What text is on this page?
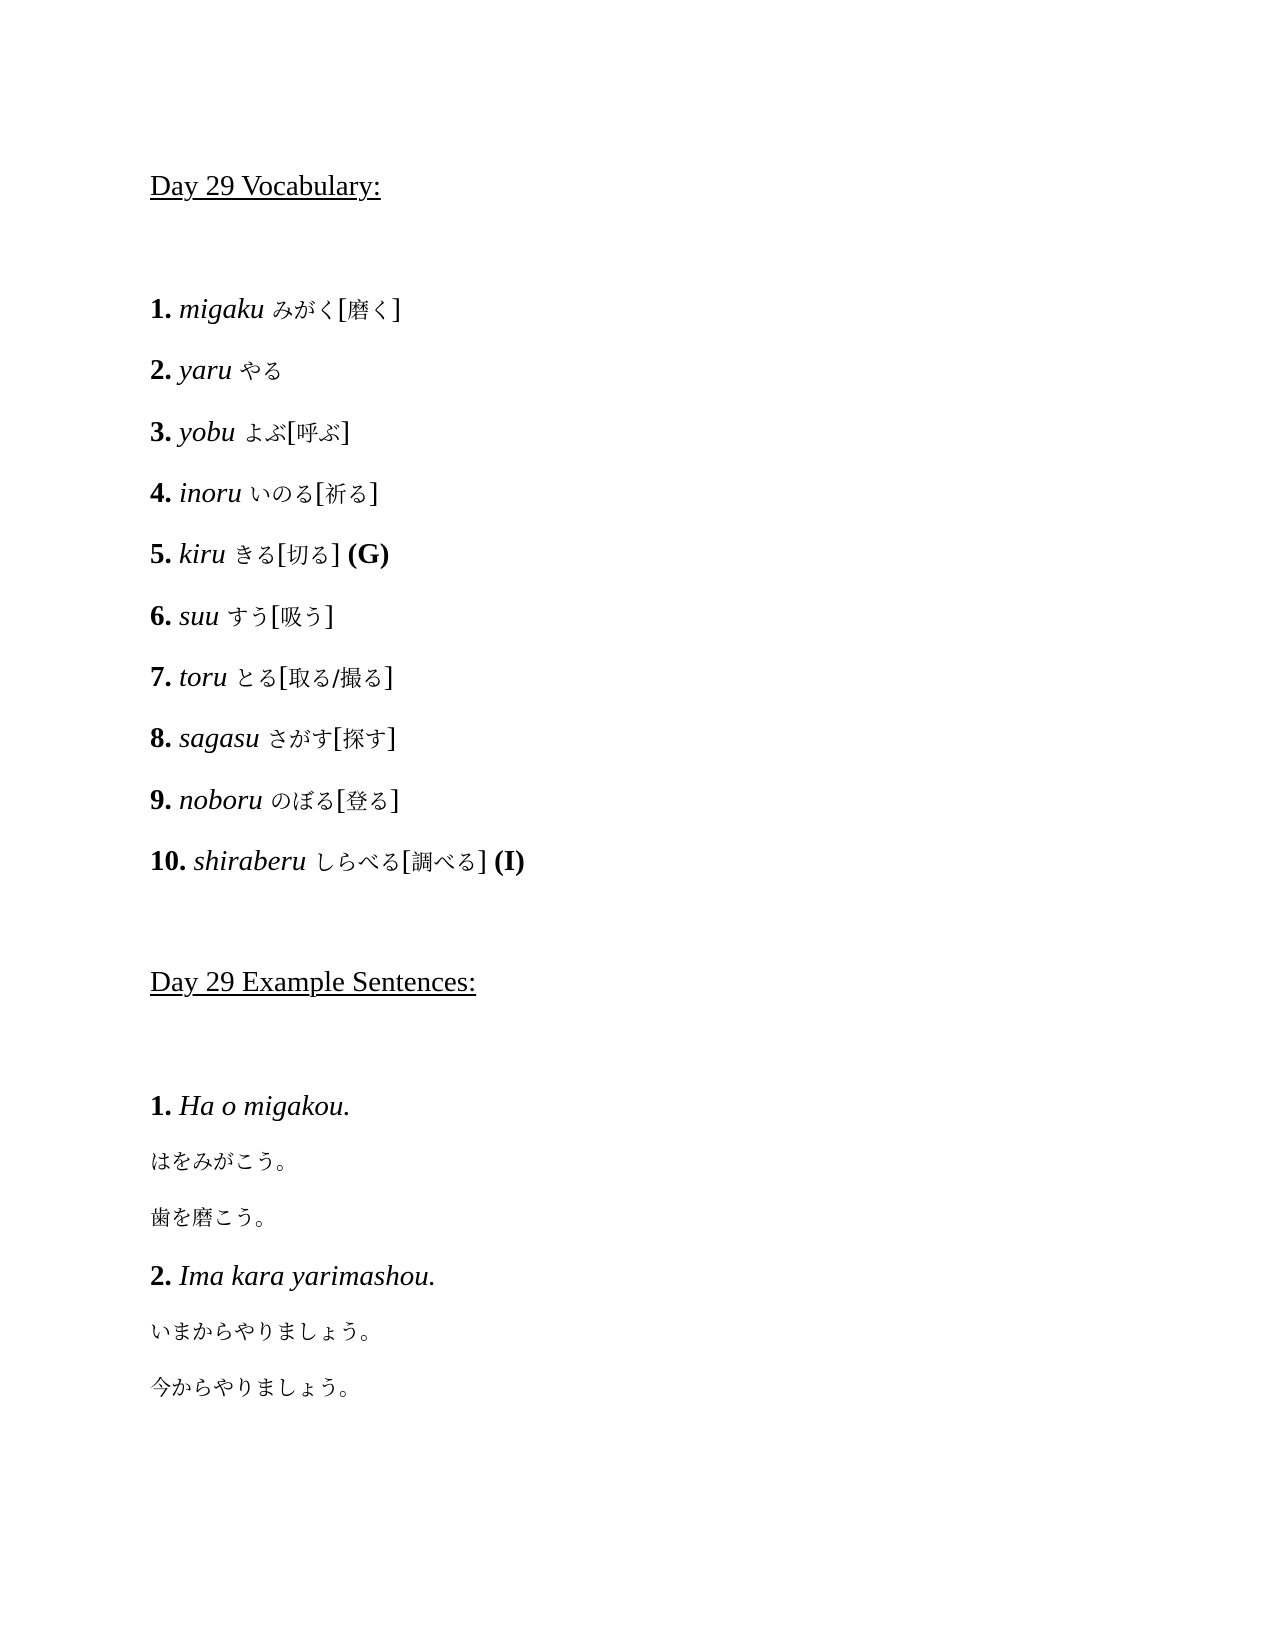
Day 29 Vocabulary:
1. migaku みがく[磨く]
2. yaru やる
3. yobu よぶ[呼ぶ]
4. inoru いのる[祈る]
5. kiru きる[切る] (G)
6. suu すう[吸う]
7. toru とる[取る/撮る]
8. sagasu さがす[探す]
9. noboru のぼる[登る]
10. shiraberu しらべる[調べる] (I)
Day 29 Example Sentences:
1. Ha o migakou.
はをみがこう。
歯を磨こう。
2. Ima kara yarimashou.
いまからやりましょう。
今からやりましょう。
